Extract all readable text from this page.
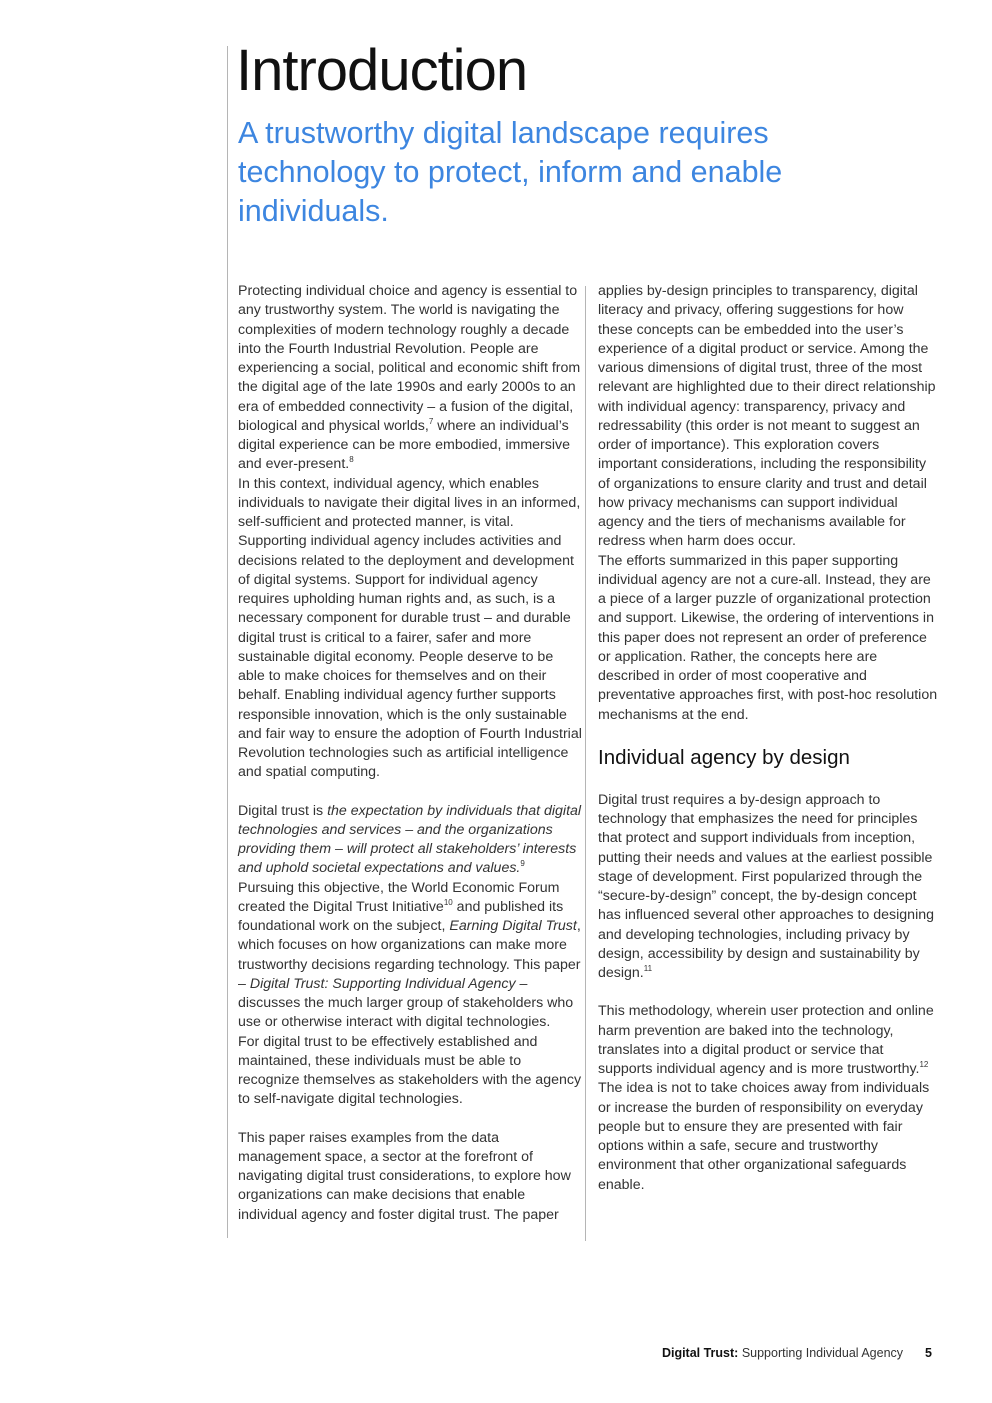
Introduction
A trustworthy digital landscape requires technology to protect, inform and enable individuals.

Protecting individual choice and agency is essential to any trustworthy system. The world is navigating the complexities of modern technology roughly a decade into the Fourth Industrial Revolution. People are experiencing a social, political and economic shift from the digital age of the late 1990s and early 2000s to an era of embedded connectivity – a fusion of the digital, biological and physical worlds,$^7$ where an individual’s digital experience can be more embodied, immersive and ever-present.$^8$

In this context, individual agency, which enables individuals to navigate their digital lives in an informed, self-sufficient and protected manner, is vital. Supporting individual agency includes activities and decisions related to the deployment and development of digital systems. Support for individual agency requires upholding human rights and, as such, is a necessary component for durable trust – and durable digital trust is critical to a fairer, safer and more sustainable digital economy. People deserve to be able to make choices for themselves and on their behalf. Enabling individual agency further supports responsible innovation, which is the only sustainable and fair way to ensure the adoption of Fourth Industrial Revolution technologies such as artificial intelligence and spatial computing.

Digital trust is the expectation by individuals that digital technologies and services – and the organizations providing them – will protect all stakeholders’ interests and uphold societal expectations and values.$^9$ Pursuing this objective, the World Economic Forum created the Digital Trust Initiative$^{10}$ and published its foundational work on the subject, Earning Digital Trust, which focuses on how organizations can make more trustworthy decisions regarding technology. This paper – Digital Trust: Supporting Individual Agency – discusses the much larger group of stakeholders who use or otherwise interact with digital technologies.

For digital trust to be effectively established and maintained, these individuals must be able to recognize themselves as stakeholders with the agency to self-navigate digital technologies.

This paper raises examples from the data management space, a sector at the forefront of navigating digital trust considerations, to explore how organizations can make decisions that enable individual agency and foster digital trust. The paper

applies by-design principles to transparency, digital literacy and privacy, offering suggestions for how these concepts can be embedded into the user’s experience of a digital product or service. Among the various dimensions of digital trust, three of the most relevant are highlighted due to their direct relationship with individual agency: transparency, privacy and redressability (this order is not meant to suggest an order of importance). This exploration covers important considerations, including the responsibility of organizations to ensure clarity and trust and detail how privacy mechanisms can support individual agency and the tiers of mechanisms available for redress when harm does occur.

The efforts summarized in this paper supporting individual agency are not a cure-all. Instead, they are a piece of a larger puzzle of organizational protection and support. Likewise, the ordering of interventions in this paper does not represent an order of preference or application. Rather, the concepts here are described in order of most cooperative and preventative approaches first, with post-hoc resolution mechanisms at the end.

Individual agency by design

Digital trust requires a by-design approach to technology that emphasizes the need for principles that protect and support individuals from inception, putting their needs and values at the earliest possible stage of development. First popularized through the “secure-by-design” concept, the by-design concept has influenced several other approaches to designing and developing technologies, including privacy by design, accessibility by design and sustainability by design.$^{11}$

This methodology, wherein user protection and online harm prevention are baked into the technology, translates into a digital product or service that supports individual agency and is more trustworthy.$^{12}$ The idea is not to take choices away from individuals or increase the burden of responsibility on everyday people but to ensure they are presented with fair options within a safe, secure and trustworthy environment that other organizational safeguards enable.

Digital Trust: Supporting Individual Agency 5
